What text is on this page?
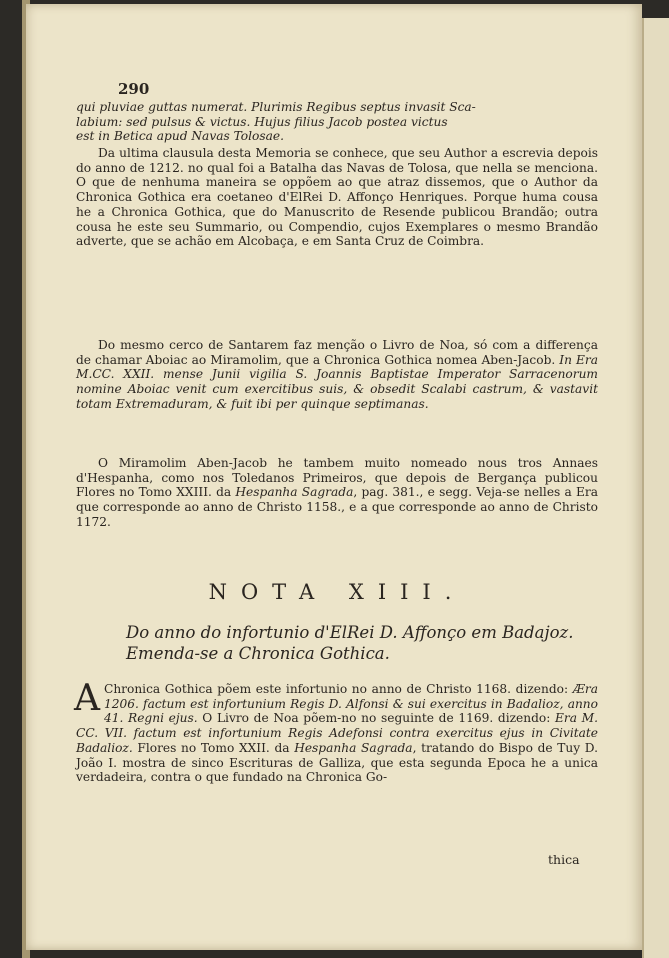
290

qui pluviae guttas numerat. Plurimis Regibus septus invasit Sca-

labium: sed pulsus & victus. Hujus filius Jacob postea victus

est in Betica apud Navas Tolosae.

Da ultima clausula desta Memoria se conhece, que seu Author a escrevia depois do anno de 1212. no qual foi a Batalha das Navas de Tolosa, que nella se menciona. O que de nenhuma maneira se oppõem ao que atraz dissemos, que o Author da Chronica Gothica era coetaneo d'ElRei D. Affonço Henriques. Porque huma cousa he a Chronica Gothica, que do Manuscrito de Resende publicou Brandão; outra cousa he este seu Summario, ou Compendio, cujos Exemplares o mesmo Brandão adverte, que se achão em Alcobaça, e em Santa Cruz de Coimbra.

Do mesmo cerco de Santarem faz menção o Livro de Noa, só com a differença de chamar Aboiac ao Miramolim, que a Chronica Gothica nomea Aben-Jacob. In Era M.CC. XXII. mense Junii vigilia S. Joannis Baptistae Imperator Sarracenorum nomine Aboiac venit cum exercitibus suis, & obsedit Scalabi castrum, & vastavit totam Extremaduram, & fuit ibi per quinque septimanas.

O Miramolim Aben-Jacob he tambem muito nomeado nous tros Annaes d'Hespanha, como nos Toledanos Primeiros, que depois de Bergança publicou Flores no Tomo XXIII. da Hespanha Sagrada, pag. 381., e segg. Veja-se nelles a Era que corresponde ao anno de Christo 1158., e a que corresponde ao anno de Christo 1172.

NOTA XIII.
Do anno do infortunio d'ElRei D. Affonço em Badajoz. Emenda-se a Chronica Gothica.

A Chronica Gothica põem este infortunio no anno de Christo 1168. dizendo: Æra 1206. factum est infortunium Regis D. Alfonsi & sui exercitus in Badalioz, anno 41. Regni ejus. O Livro de Noa põem-no no seguinte de 1169. dizendo: Era M. CC. VII. factum est infortunium Regis Adefonsi contra exercitus ejus in Civitate Badalioz. Flores no Tomo XXII. da Hespanha Sagrada, tratando do Bispo de Tuy D. João I. mostra de sinco Escrituras de Galliza, que esta segunda Epoca he a unica verdadeira, contra o que fundado na Chronica Go-

thica
